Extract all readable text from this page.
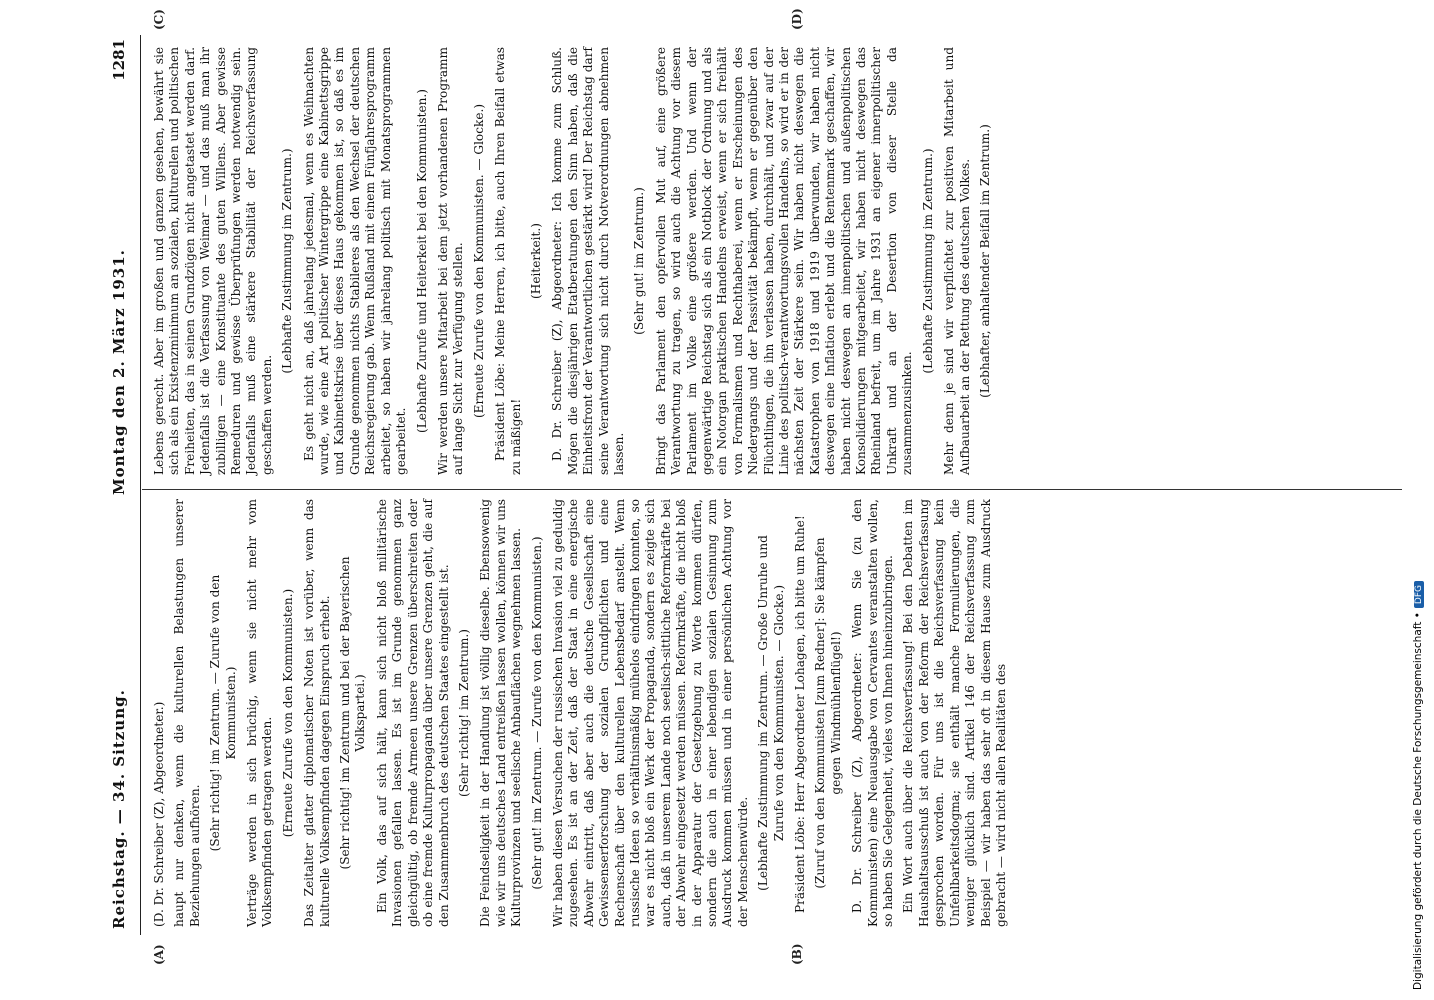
Reichstag. — 34. Sitzung.
Montag den 2. März 1931.
1281
(A)	(B)
(C)	(D)

(D. Dr. Schreiber (Z), Abgeordneter.) haupt nur denken, wenn die kulturellen Belastungen unserer Beziehungen aufhören.

(Sehr richtig! im Zentrum. — Zurufe von den Kommunisten.) Verträge werden in sich brüchig, wenn sie nicht mehr vom Volksempfinden getragen werden. (Erneute Zurufe von den Kommunisten.) Das Zeitalter glatter diplomatischer Noten ist vorüber, wenn das kulturelle Volksempfinden dagegen Einspruch erhebt. (Sehr richtig! im Zentrum und bei der Bayerischen Volkspartei.) Ein Volk, das auf sich hält, kann sich nicht bloß militärische Invasionen gefallen lassen. Es ist im Grunde genommen ganz gleichgültig, ob fremde Armeen unsere Grenzen überschreiten oder ob eine fremde Kulturpropaganda über unsere Grenzen geht, die auf den Zusammenbruch des deutschen Staates eingestellt ist. (Sehr richtig! im Zentrum.) Die Feindseligkeit in der Handlung ist völlig dieselbe. Ebensowenig wie wir uns deutsches Land entreißen lassen wollen, können wir uns Kulturprovinzen und seelische Anbauflächen wegnehmen lassen. (Sehr gut! im Zentrum. — Zurufe von den Kommunisten.) Wir haben diesen Versuchen der russischen Invasion viel zu geduldig zugesehen. Es ist an der Zeit, daß der Staat in eine energische Abwehr eintritt, daß aber auch die deutsche Gesellschaft eine Gewissenserforschung der sozialen Grundpflichten und eine Rechenschaft über den kulturellen Lebensbedarf anstellt. Wenn russische Ideen so verhältnismäßig mühelos eindringen konnten, so war es nicht bloß ein Werk der Propaganda, sondern es zeigte sich auch, daß in unserem Lande noch seelisch-sittliche Reformkräfte bei der Abwehr eingesetzt werden müssen. Reformkräfte, die nicht bloß in der Apparatur der Gesetzgebung zu Worte kommen dürfen, sondern die auch in einer lebendigen sozialen Gesinnung zum Ausdruck kommen müssen und in einer persönlichen Achtung vor der Menschenwürde. (Lebhafte Zustimmung im Zentrum. — Große Unruhe und Zurufe von den Kommunisten. — Glocke.) Präsident Löbe: Herr Abgeordneter Lohagen, ich bitte um Ruhe! (Zuruf von den Kommunisten [zum Redner]: Sie kämpfen gegen Windmühlenflügel!) D. Dr. Schreiber (Z), Abgeordneter: Wenn Sie (zu den Kommunisten) eine Neuausgabe von Cervantes veranstalten wollen, so haben Sie Gelegenheit, vieles von Ihnen hineinzubringen. Ein Wort auch über die Reichsverfassung! Bei den Debatten im Haushaltsausschuß ist auch von der Reform der Reichsverfassung gesprochen worden. Für uns ist die Reichsverfassung kein Unfehlbarkeitsdogma; sie enthält manche Formulierungen, die weniger glücklich sind. Artikel 146 der Reichsverfassung zum Beispiel — wir haben das sehr oft in diesem Hause zum Ausdruck gebracht — wird nicht allen Realitäten des

Lebens gerecht. Aber im großen und ganzen gesehen, bewährt sie sich als ein Existenzminimum an sozialen, kulturellen und politischen Freiheiten, das in seinen Grundzügen nicht angetastet werden darf. Jedenfalls ist die Verfassung von Weimar — und das muß man ihr zubilligen — eine Konstituante des guten Willens. Aber gewisse Remeduren und gewisse Überprüfungen werden notwendig sein. Jedenfalls muß eine stärkere Stabilität der Reichsverfassung geschaffen werden.

(Lebhafte Zustimmung im Zentrum.) Es geht nicht an, daß jahrelang jedesmal, wenn es Weihnachten wurde, wie eine Art politischer Wintergrippe eine Kabinettsgrippe und Kabinettskrise über dieses Haus gekommen ist, so daß es im Grunde genommen nichts Stabileres als den Wechsel der deutschen Reichsregierung gab. Wenn Rußland mit einem Fünfjahresprogramm arbeitet, so haben wir jahrelang politisch mit Monatsprogrammen gearbeitet.

(Lebhafte Zurufe und Heiterkeit bei den Kommunisten.) Wir werden unsere Mitarbeit bei dem jetzt vorhandenen Programm auf lange Sicht zur Verfügung stellen. (Erneute Zurufe von den Kommunisten. — Glocke.) Präsident Löbe: Meine Herren, ich bitte, auch Ihren Beifall etwas zu mäßigen!

(Heiterkeit.) D. Dr. Schreiber (Z), Abgeordneter: Ich komme zum Schluß. Mögen die diesjährigen Etatberatungen den Sinn haben, daß die Einheitsfront der Verantwortlichen gestärkt wird! Der Reichstag darf seine Verantwortung sich nicht durch Notverordnungen abnehmen lassen.

(Sehr gut! im Zentrum.) Bringt das Parlament den opfervollen Mut auf, eine größere Verantwortung zu tragen, so wird auch die Achtung vor diesem Parlament im Volke eine größere werden. Und wenn der gegenwärtige Reichstag sich als ein Notblock der Ordnung und als ein Notorgan praktischen Handelns erweist, wenn er sich freihält von Formalismen und Rechthaberei, wenn er Erscheinungen des Niedergangs und der Passivität bekämpft, wenn er gegenüber den Flüchtlingen, die ihn verlassen haben, durchhält, und zwar auf der Linie des politisch-verantwortungsvollen Handelns, so wird er in der nächsten Zeit der Stärkere sein. Wir haben nicht deswegen die Katastrophen von 1918 und 1919 überwunden, wir haben nicht deswegen eine Inflation erlebt und die Rentenmark geschaffen, wir haben nicht deswegen an innenpolitischen und außenpolitischen Konsolidierungen mitgearbeitet, wir haben nicht deswegen das Rheinland befreit, um im Jahre 1931 an eigener innerpolitischer Unkraft und an der Desertion von dieser Stelle da zusammenzusinken.

(Lebhafte Zustimmung im Zentrum.) Mehr denn je sind wir verpflichtet zur positiven Mitarbeit und Aufbauarbeit an der Rettung des deutschen Volkes. (Lebhafter, anhaltender Beifall im Zentrum.)

Digitalisierung gefördert durch die Deutsche Forschungsgemeinschaft •DFG
